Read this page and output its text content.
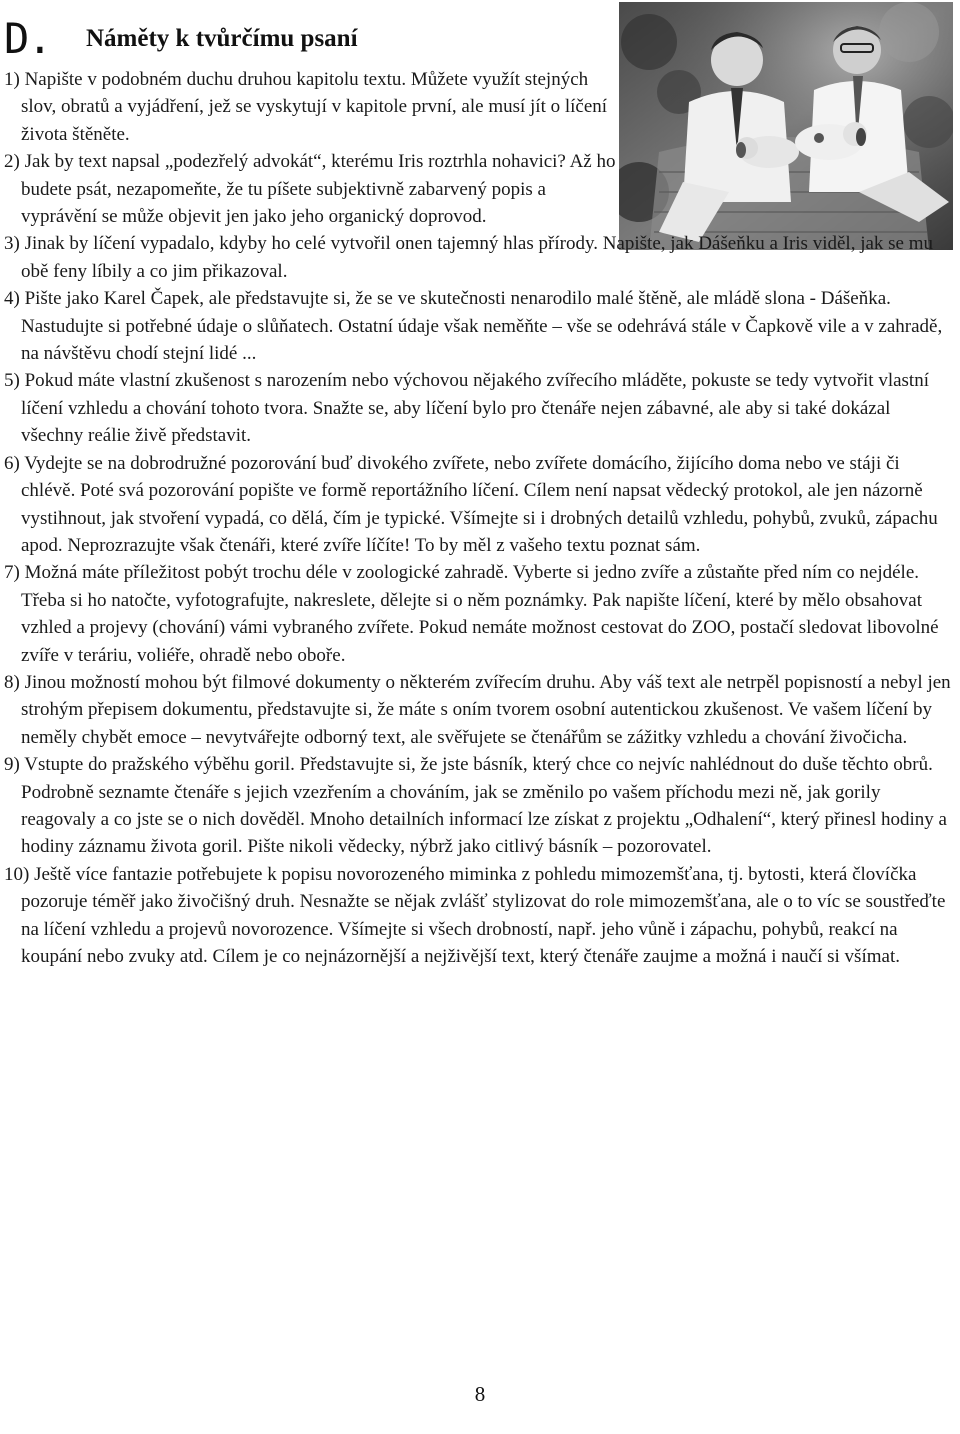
D.	Náměty k tvůrčímu psaní

1) Napište v podobném duchu druhou kapitolu textu. Můžete využít stejných slov, obratů a vyjádření, jež se vyskytují v kapitole první, ale musí jít o líčení života štěněte.

2) Jak by text napsal „podezřelý advokát“, kterému Iris roztrhla nohavici? Až ho budete psát, nezapomeňte, že tu píšete subjektivně zabarvený popis a vyprávění se může objevit jen jako jeho organický doprovod.

3) Jinak by líčení vypadalo, kdyby ho celé vytvořil onen tajemný hlas přírody. Napište, jak Dášeňku a Iris viděl, jak se mu obě feny líbily a co jim přikazoval.

4) Pište jako Karel Čapek, ale představujte si, že se ve skutečnosti nenarodilo malé štěně, ale mládě slona - Dášeňka. Nastudujte si potřebné údaje o slůňatech. Ostatní údaje však neměňte – vše se odehrává stále v Čapkově vile a v zahradě, na návštěvu chodí stejní lidé ...

5) Pokud máte vlastní zkušenost s narozením nebo výchovou nějakého zvířecího mláděte, pokuste se tedy vytvořit vlastní líčení vzhledu a chování tohoto tvora. Snažte se, aby líčení bylo pro čtenáře nejen zábavné, ale aby si také dokázal všechny reálie živě představit.

6) Vydejte se na dobrodružné pozorování buď divokého zvířete, nebo zvířete domácího, žijícího doma nebo ve stáji či chlévě. Poté svá pozorování popište ve formě reportážního líčení. Cílem není napsat vědecký protokol, ale jen názorně vystihnout, jak stvoření vypadá, co dělá, čím je typické. Všímejte si i drobných detailů vzhledu, pohybů, zvuků, zápachu apod. Neprozrazujte však čtenáři, které zvíře líčíte! To by měl z vašeho textu poznat sám.

7) Možná máte příležitost pobýt trochu déle v zoologické zahradě. Vyberte si jedno zvíře a zůstaňte před ním co nejdéle. Třeba si ho natočte, vyfotografujte, nakreslete, dělejte si o něm poznámky. Pak napište líčení, které by mělo obsahovat vzhled a projevy (chování) vámi vybraného zvířete. Pokud nemáte možnost cestovat do ZOO, postačí sledovat libovolné zvíře v teráriu, voliéře, ohradě nebo oboře.

8) Jinou možností mohou být filmové dokumenty o některém zvířecím druhu. Aby váš text ale netrpěl popisností a nebyl jen strohým přepisem dokumentu, představujte si, že máte s oním tvorem osobní autentickou zkušenost. Ve vašem líčení by neměly chybět emoce – nevytvářejte odborný text, ale svěřujete se čtenářům se zážitky vzhledu a chování živočicha.

9) Vstupte do pražského výběhu goril. Představujte si, že jste básník, který chce co nejvíc nahlédnout do duše těchto obrů. Podrobně seznamte čtenáře s jejich vzezřením a chováním, jak se změnilo po vašem příchodu mezi ně, jak gorily reagovaly a co jste se o nich dověděl. Mnoho detailních informací lze získat z projektu „Odhalení“, který přinesl hodiny a hodiny záznamu života goril. Pište nikoli vědecky, nýbrž jako citlivý básník – pozorovatel.

10) Ještě více fantazie potřebujete k popisu novorozeného miminka z pohledu mimozemšťana, tj. bytosti, která človíčka pozoruje téměř jako živočišný druh. Nesnažte se nějak zvlášť stylizovat do role mimozemšťana, ale o to víc se soustřeďte na líčení vzhledu a projevů novorozence. Všímejte si všech drobností, např. jeho vůně i zápachu, pohybů, reakcí na koupání nebo zvuky atd. Cílem je co nejnázornější a nejživější text, který čtenáře zaujme a možná i naučí si všímat.

8
